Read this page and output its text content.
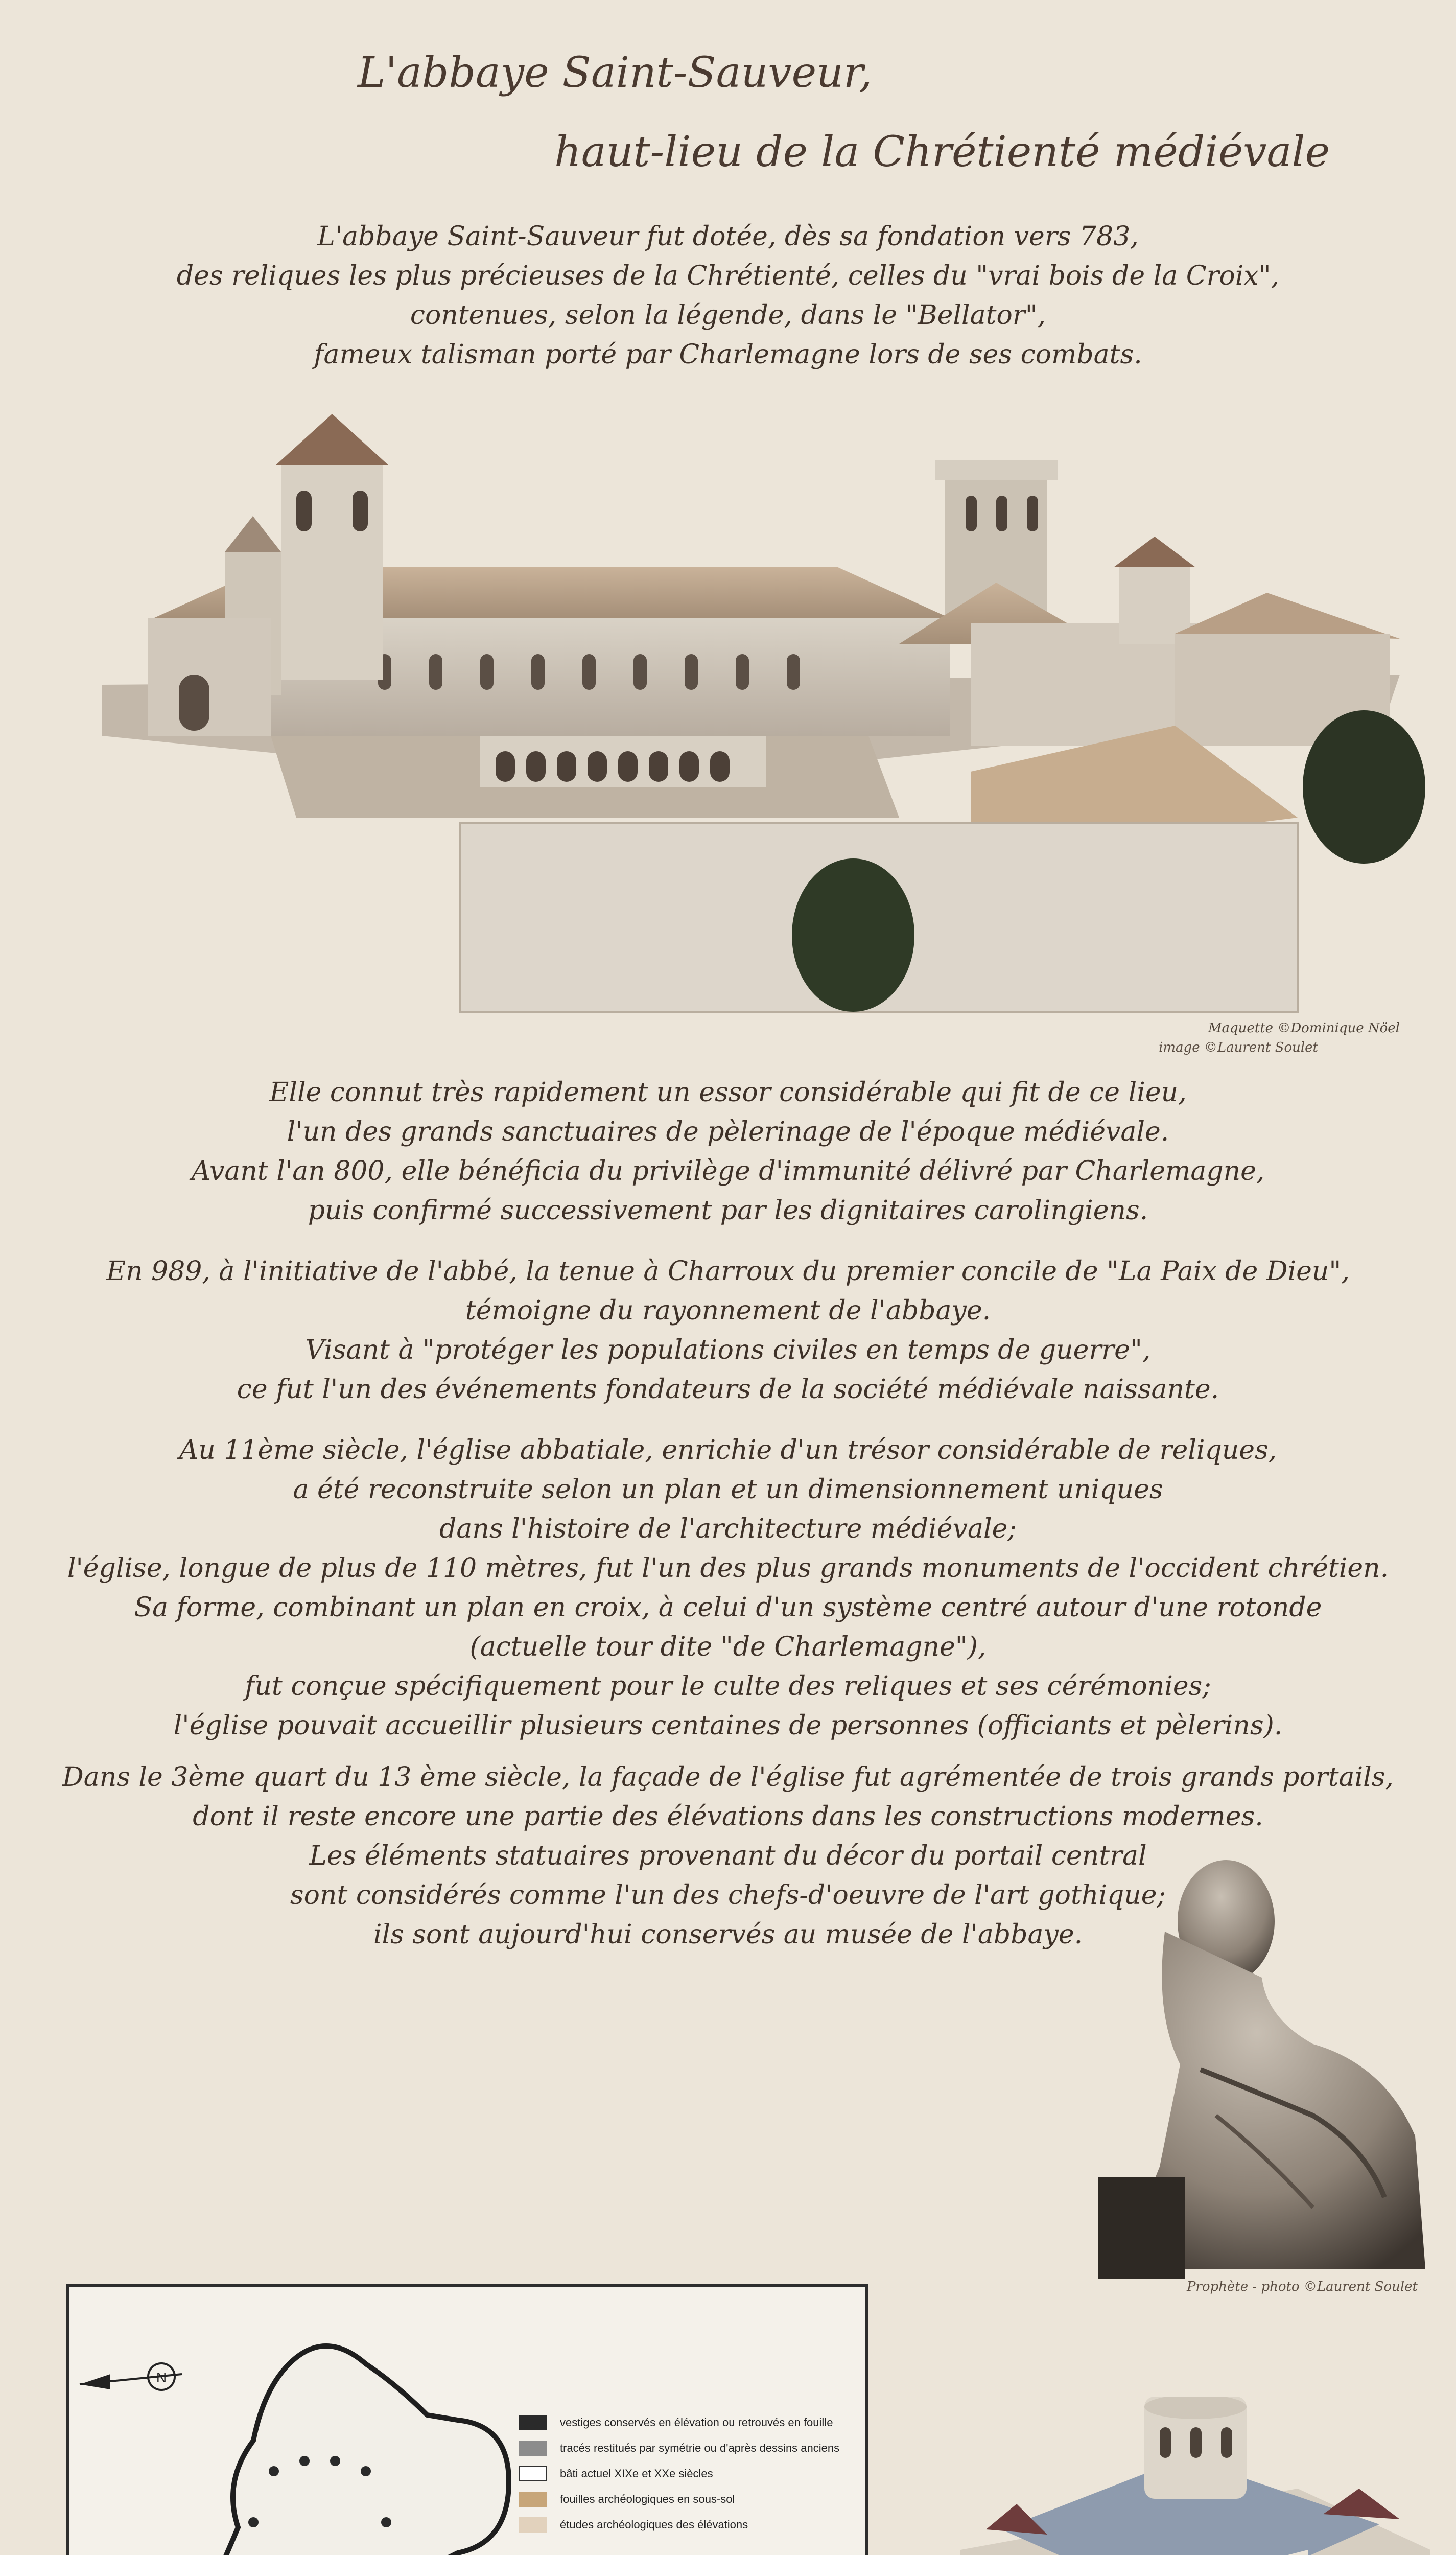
L'abbaye Saint-Sauveur,
haut-lieu de la Chrétienté médiévale
L'abbaye Saint-Sauveur fut dotée, dès sa fondation vers 783,
des reliques les plus précieuses de la Chrétienté, celles du "vrai bois de la Croix",
contenues, selon la légende, dans le "Bellator",
fameux talisman porté par Charlemagne lors de ses combats.
Maquette ©Dominique Nöel
image ©Laurent Soulet
Elle connut très rapidement un essor considérable qui fit de ce lieu,
l'un des grands sanctuaires de pèlerinage de l'époque médiévale.
Avant l'an 800, elle bénéficia du privilège d'immunité délivré par Charlemagne,
puis confirmé successivement par les dignitaires carolingiens.
En 989, à l'initiative de l'abbé, la tenue à Charroux du premier concile de "La Paix de Dieu",
témoigne du rayonnement de l'abbaye.
Visant à "protéger les populations civiles en temps de guerre",
ce fut l'un des événements fondateurs de la société médiévale naissante.
Au 11ème siècle, l'église abbatiale, enrichie d'un trésor considérable de reliques,
a été reconstruite selon un plan et un dimensionnement uniques
dans l'histoire de l'architecture médiévale;
l'église, longue de plus de 110 mètres, fut l'un des plus grands monuments de l'occident chrétien.
Sa forme, combinant un plan en croix, à celui d'un système centré autour d'une rotonde
(actuelle tour dite "de Charlemagne"),
fut conçue spécifiquement pour le culte des reliques et ses cérémonies;
l'église pouvait accueillir plusieurs centaines de personnes (officiants et pèlerins).
Dans le 3ème quart du 13 ème siècle, la façade de l'église fut agrémentée de trois grands portails,
dont il reste encore une partie des élévations dans les constructions modernes.
Les éléments statuaires provenant du décor du portail central
sont considérés comme l'un des chefs-d'oeuvre de l'art gothique;
ils sont aujourd'hui conservés au musée de l'abbaye.
Prophète - photo ©Laurent Soulet
N
vestiges conservés en élévation ou retrouvés en fouille
tracés restitués par symétrie ou d'après dessins anciens
bâti actuel XIXe et XXe siècles
fouilles archéologiques en sous-sol
études archéologiques des élévations
